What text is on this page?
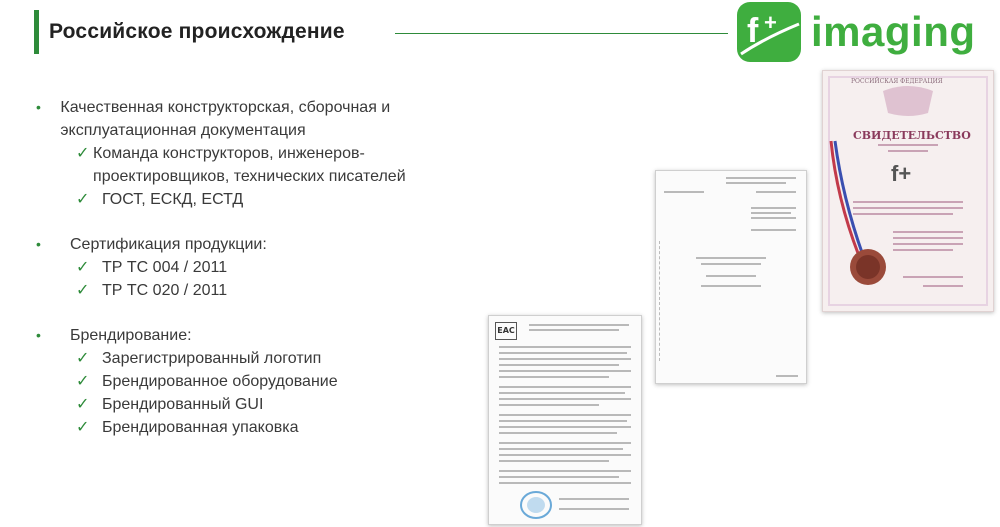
Российское происхождение	f + imaging
•	Качественная конструкторская, сборочная и эксплуатационная документация
✓ Команда конструкторов, инженеров-проектировщиков, технических писателей
✓ ГОСТ, ЕСКД, ЕСТД
•	Сертификация продукции:
✓ ТР ТС 004 / 2011
✓ ТР ТС 020 / 2011
•	Брендирование:
✓ Зарегистрированный логотип
✓ Брендированное оборудование
✓ Брендированный GUI
✓ Брендированная упаковка
ЕАС
РОССИЙСКАЯ ФЕДЕРАЦИЯ
СВИДЕТЕЛЬСТВО
f+
